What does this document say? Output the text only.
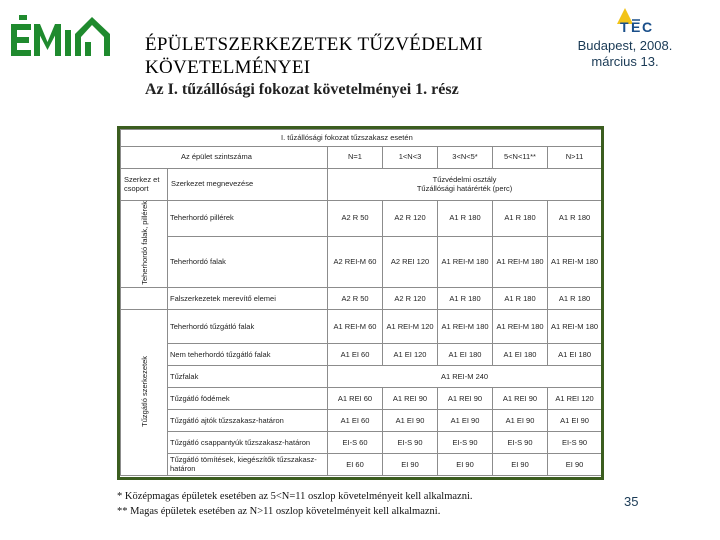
T E C
ÉPÜLETSZERKEZETEK TŰZVÉDELMI
KÖVETELMÉNYEI
Az I. tűzállósági fokozat követelményei 1. rész
Budapest, 2008.
március 13.
I. tűzállósági fokozat tűzszakasz esetén						
Az épület szintszáma		N=1	1<N<3	3<N<5*	5<N<11**	N>11
Szerkez et csoport	Szerkezet megnevezése	Tűzvédelmi osztály
Tűzállósági határérték (perc)				

Teherhordó falak, pillérek	Teherhordó pillérek	A2 R 50	A2 R 120	A1 R 180	A1 R 180	A1 R 180
	Teherhordó falak	A2 REI-M 60	A2 REI 120	A1 REI-M 180	A1 REI-M 180	A1 REI-M 180
	Falszerkezetek merevítő elemei	A2 R 50	A2 R 120	A1 R 180	A1 R 180	A1 R 180
Tűzgátló szerkezetek	Teherhordó tűzgátló falak	A1 REI-M 60	A1 REI-M 120	A1 REI-M 180	A1 REI-M 180	A1 REI-M 180
	Nem teherhordó tűzgátló falak	A1 EI 60	A1 EI 120	A1 EI 180	A1 EI 180	A1 EI 180
	Tűzfalak	A1 REI-M 240				
	Tűzgátló födémek	A1 REI 60	A1 REI 90	A1 REI 90	A1 REI 90	A1 REI 120
	Tűzgátló ajtók tűzszakasz-határon	A1 EI 60	A1 EI 90	A1 EI 90	A1 EI 90	A1 EI 90
	Tűzgátló csappantyúk tűzszakasz-határon	EI-S 60	EI-S 90	EI-S 90	EI-S 90	EI-S 90
	Tűzgátló tömítések, kiegészítők tűzszakasz-határon	EI 60	EI 90	EI 90	EI 90	EI 90
* Középmagas épületek esetében az 5<N=11 oszlop követelményeit kell alkalmazni.
** Magas épületek esetében az N>11 oszlop követelményeit kell alkalmazni.
35
